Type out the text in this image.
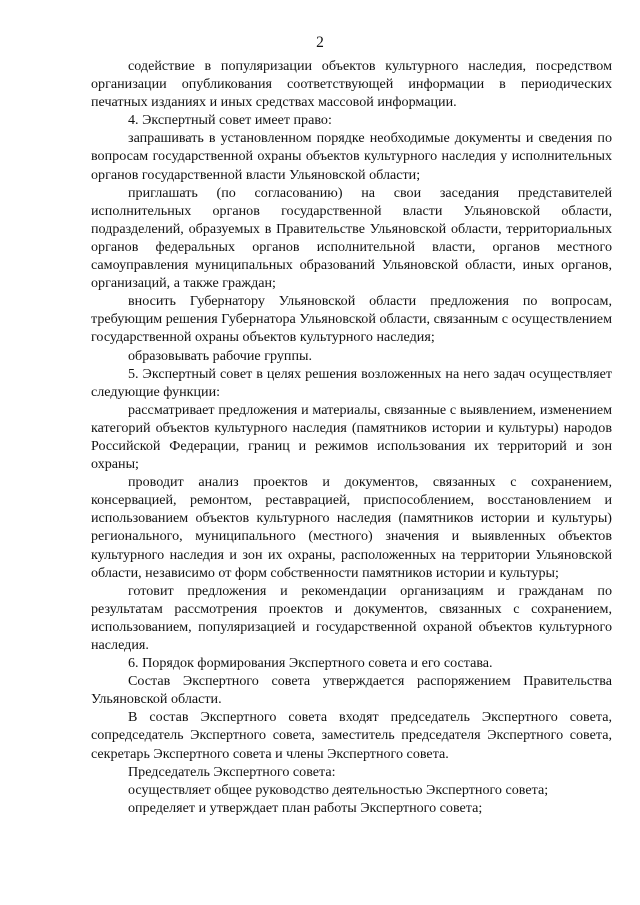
2

содействие в популяризации объектов культурного наследия, посредством организации опубликования соответствующей информации в периодических печатных изданиях и иных средствах массовой информации.

4. Экспертный совет имеет право:

запрашивать в установленном порядке необходимые документы и сведения по вопросам государственной охраны объектов культурного наследия у исполнительных органов государственной власти Ульяновской области;

приглашать (по согласованию) на свои заседания представителей исполнительных органов государственной власти Ульяновской области, подразделений, образуемых в Правительстве Ульяновской области, территориальных органов федеральных органов исполнительной власти, органов местного самоуправления муниципальных образований Ульяновской области, иных органов, организаций, а также граждан;

вносить Губернатору Ульяновской области предложения по вопросам, требующим решения Губернатора Ульяновской области, связанным с осуществлением государственной охраны объектов культурного наследия;

образовывать рабочие группы.

5. Экспертный совет в целях решения возложенных на него задач осуществляет следующие функции:

рассматривает предложения и материалы, связанные с выявлением, изменением категорий объектов культурного наследия (памятников истории и культуры) народов Российской Федерации, границ и режимов использования их территорий и зон охраны;

проводит анализ проектов и документов, связанных с сохранением, консервацией, ремонтом, реставрацией, приспособлением, восстановлением и использованием объектов культурного наследия (памятников истории и культуры) регионального, муниципального (местного) значения и выявленных объектов культурного наследия и зон их охраны, расположенных на территории Ульяновской области, независимо от форм собственности памятников истории и культуры;

готовит предложения и рекомендации организациям и гражданам по результатам рассмотрения проектов и документов, связанных с сохранением, использованием, популяризацией и государственной охраной объектов культурного наследия.

6. Порядок формирования Экспертного совета и его состава.

Состав Экспертного совета утверждается распоряжением Правительства Ульяновской области.

В состав Экспертного совета входят председатель Экспертного совета, сопредседатель Экспертного совета, заместитель председателя Экспертного совета, секретарь Экспертного совета и члены Экспертного совета.

Председатель Экспертного совета:

осуществляет общее руководство деятельностью Экспертного совета;

определяет и утверждает план работы Экспертного совета;
